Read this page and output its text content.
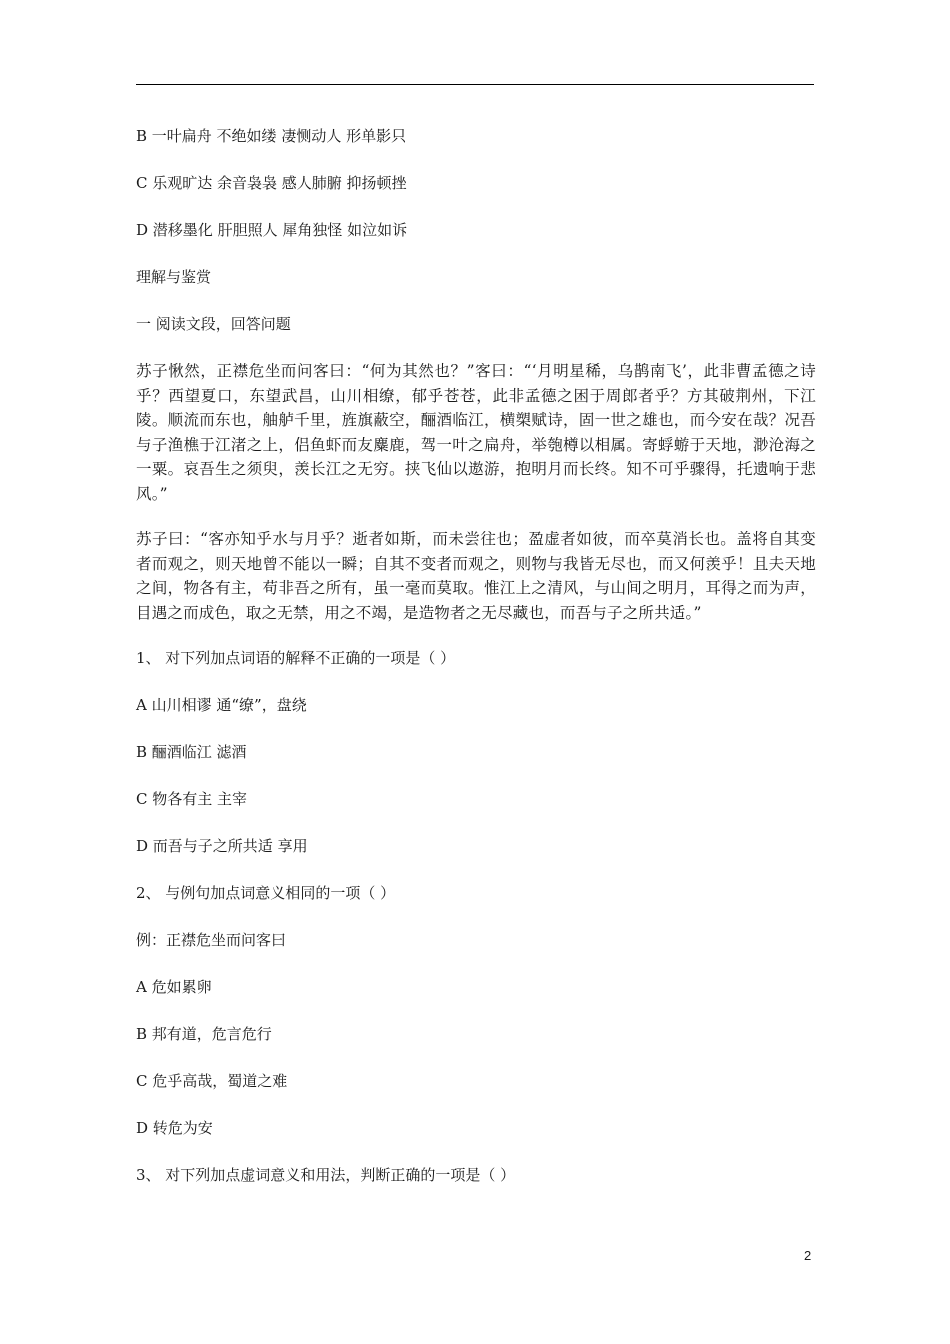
B 一叶扁舟 不绝如缕 凄恻动人 形单影只

C 乐观旷达 余音袅袅 感人肺腑 抑扬顿挫

D 潜移墨化 肝胆照人 犀角独怪 如泣如诉

理解与鉴赏

一 阅读文段，回答问题

苏子愀然，正襟危坐而问客曰：“何为其然也？”客曰：“‘月明星稀，乌鹊南飞’，此非曹孟德之诗乎？西望夏口，东望武昌，山川相缭，郁乎苍苍，此非孟德之困于周郎者乎？方其破荆州，下江陵。顺流而东也，舳舻千里，旌旗蔽空，酾酒临江，横槊赋诗，固一世之雄也，而今安在哉？况吾与子渔樵于江渚之上，侣鱼虾而友麋鹿，驾一叶之扁舟，举匏樽以相属。寄蜉蝣于天地，渺沧海之一粟。哀吾生之须臾，羡长江之无穷。挟飞仙以遨游，抱明月而长终。知不可乎骤得，托遗响于悲风。”

苏子曰：“客亦知乎水与月乎？逝者如斯，而未尝往也；盈虚者如彼，而卒莫消长也。盖将自其变者而观之，则天地曾不能以一瞬；自其不变者而观之，则物与我皆无尽也，而又何羡乎！且夫天地之间，物各有主，苟非吾之所有，虽一毫而莫取。惟江上之清风，与山间之明月，耳得之而为声，目遇之而成色，取之无禁，用之不竭，是造物者之无尽藏也，而吾与子之所共适。”

1、 对下列加点词语的解释不正确的一项是（ ）

A 山川相谬 通“缭”，盘绕

B 酾酒临江 滤酒

C 物各有主 主宰

D 而吾与子之所共适 享用

2、 与例句加点词意义相同的一项（ ）

例：正襟危坐而问客曰

A 危如累卵

B 邦有道，危言危行

C 危乎高哉，蜀道之难

D 转危为安

3、 对下列加点虚词意义和用法，判断正确的一项是（ ）

2
